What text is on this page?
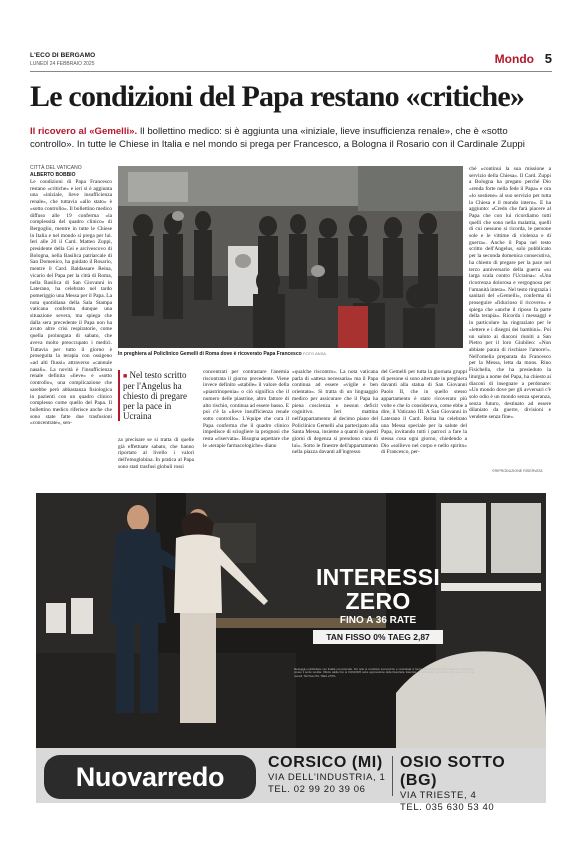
L'ECO DI BERGAMO
LUNEDÌ 24 FEBBRAIO 2025	Mondo 5
Le condizioni del Papa restano «critiche»

Il ricovero al «Gemelli». Il bollettino medico: si è aggiunta una «iniziale, lieve insufficienza renale», che è «sotto controllo». In tutte le Chiese in Italia e nel mondo si prega per Francesco, a Bologna il Rosario con il Cardinale Zuppi

CITTÀ DEL VATICANO
ALBERTO BOBBIO
Le condizioni di Papa Francesco restano «critiche» e ieri si è aggiunta una «iniziale, lieve insufficienza renale», che tuttavia «allo stato» è «sotto controllo». Il bollettino medico diffuso alle 19 conferma «la complessità del quadro clinico» di Bergoglio, mentre in tutte le Chiese in Italia e nel mondo si prega per lui. Ieri alle 20 il Card. Matteo Zuppi, presidente della Cei e arcivescovo di Bologna, nella Basilica patriarcale di San Domenico, ha guidato il Rosario, mentre il Card. Baldassare Reina, vicario del Papa per la città di Roma, nella Basilica di San Giovanni in Laterano, ha celebrato nel tardo pomeriggio una Messa per il Papa. La nota quotidiana della Sala Stampa vaticana conferma dunque una situazione severa, ma spiega che dalla sera precedente il Papa non ha avuto altre crisi respiratorie, come quella prolungata di sabato, che aveva molto preoccupato i medici. Tuttavia per tutto il giorno è proseguita la terapia con ossigeno «ad alti flussi» attraverso «cannule nasali». La novità è l'insufficienza renale definita «lieve» e «sotto controllo», una complicazione che sarebbe però abbastanza fisiologica in pazienti con un quadro clinico complesso come quello del Papa. Il bollettino medico riferisce anche che sono state fatte due trasfusioni «concentrate», sen-
In preghiera al Policlinico Gemelli di Roma dove è ricoverato Papa Francesco FOTO ANSA
■ Nel testo scritto per l'Angelus ha chiesto di pregare per la pace in Ucraina
za precisare se si tratta di quelle già effettuate sabato, che hanno riportato al livello i valori dell'emoglobina. In pratica al Papa sono stati trasfusi globuli rossi
concentrati per contrastare l'anemia riscontrata il giorno precedente. Viene invece definito «stabile» il valore della «piastrinopenia» o ciò significa che il numero delle piastrine, altro fattore di alto rischio, continua ad essere basso. E poi c'è la «lieve insufficienza renale sotto controllo». L'équipe che cura il Papa conferma che il quadro clinico impedisce di sciogliere la prognosi che resta «riservata». Bisogna aspettare che le «terapie farmacologiche» diano
«qualche riscontro». La nota vaticana parla di «attesa necessaria» ma il Papa continua ad essere «vigile e ben orientato». Si tratta di un linguaggio medico per assicurare che il Papa ha piena coscienza e nessun deficit cognitivo. Ieri mattina nell'appartamento al decimo piano del Policlinico Gemelli «ha partecipato alla Santa Messa, insieme a quanti in questi giorni di degenza si prendono cura di lui». Sotto le finestre dell'appartamento nella piazza davanti all'ingresso
del Gemelli per tutta la giornata gruppi di persone si sono alternate in preghiera davanti alla statua di San Giovanni Paolo II, che in quello stesso appartamento è stato ricoverato più volte e che lo considerava, come ebbe a dire, il Vaticano III. A San Giovanni in Laterano il Card. Reina ha celebrato una Messa speciale per la salute del Papa, invitando tutti i parroci a fare la stessa cosa ogni giorno, chiedendo a Dio «sollievo nel corpo e nello spirito» di Francesco, per-
ché «continui la sua missione a servizio della Chiesa». Il Card. Zuppi a Bologna ha pregato perché Dio «renda forte nella fede il Papa» e ora «lo sostiene» al suo servizio per tutta la Chiesa e il mondo intero». E ha aggiunto: «Credo che farà piacere al Papa che con lui ricordiamo tutti quelli che sono nella malattia, quelli di cui nessuno si ricorda, le persone sole e le vittime di violenza e di guerra». Anche il Papa nel testo scritto dell'Angelus, solo pubblicato per la seconda domenica consecutiva, ha chiesto di pregare per la pace nel terzo anniversario della guerra «su larga scala contro l'Ucraina»: «Una ricorrenza dolorosa e vergognosa per l'umanità intera». Nel testo ringrazia i sanitari del «Gemelli», conferma di proseguire «fiducioso il ricovero» e spiega che «anche il riposo fa parte della terapia». Ricorda i messaggi e in particolare ha ringraziato per le «lettere e i disegni dei bambini». Poi un saluto ai diaconi riuniti a San Pietro per il loro Giubileo: «Non abbiate paura di rischiare l'amore!». Nell'omelia preparata da Francesco per la Messa, letta da mons. Rino Fisichella, che ha presieduto la liturgia a nome del Papa, ha chiesto ai diaconi di insegnare a perdonare: «Un mondo dove per gli avversari c'è solo odio è un mondo senza speranza, senza futuro, destinato ad essere dilaniato da guerre, divisioni e vendette senza fine».
©RIPRODUZIONE RISERVATA
INTERESSI
ZERO
FINO A 36 RATE
TAN FISSO 0% TAEG 2,87
Messaggio pubblicitario con finalità promozionale. Per tutte le condizioni economiche e contrattuali si faccia riferimento alla documentazione disponibile presso il punto vendita. Offerta valida fino al 31/03/2025 salvo approvazione della finanziaria. Esempio: importo totale del credito 3.000 euro in 36 rate mensili, TAN fisso 0%, TAEG 2,87%.
Nuovarredo	CORSICO (MI)
VIA DELL'INDUSTRIA, 1
TEL. 02 99 20 39 06
OSIO SOTTO (BG)
VIA TRIESTE, 4
TEL. 035 630 53 40
